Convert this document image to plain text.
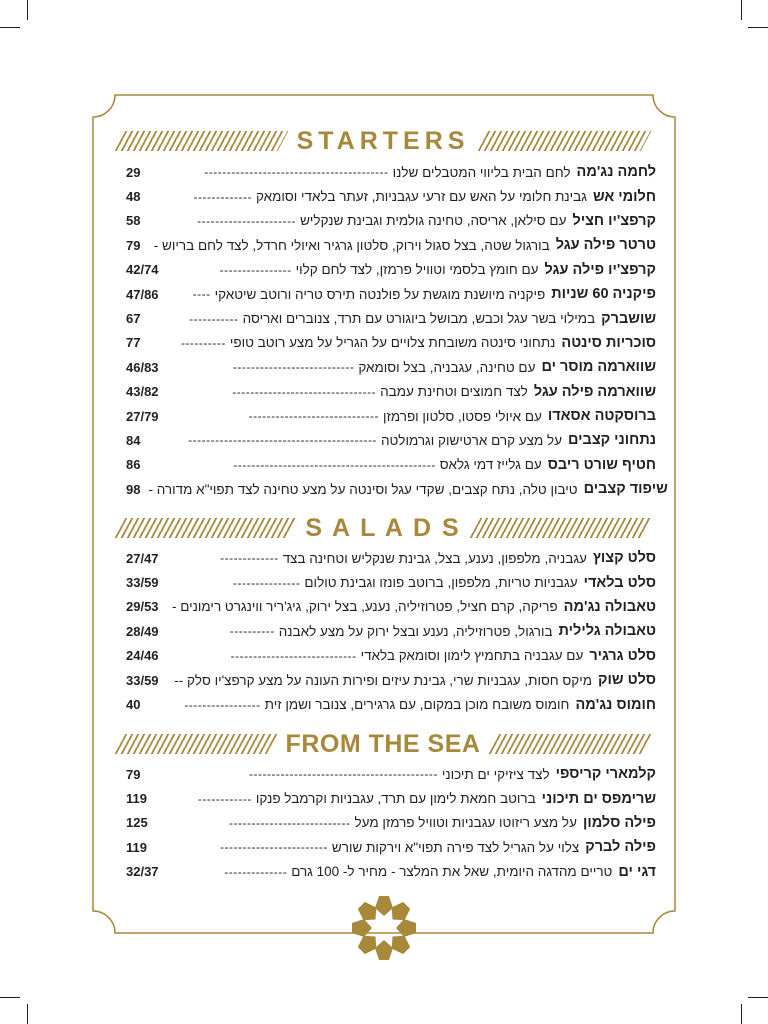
STARTERS
29	-----------------------------------------	לחמה נג'מה
לחם הבית בליווי המטבלים שלנו
48	-------------	חלומי אש
גבינת חלומי על האש עם זרעי עגבניות, זעתר בלאדי וסומאק
58	----------------------	קרפצ'יו חציל
עם סילאן, אריסה, טחינה גולמית וגבינת שנקליש
79	טרטר פילה עגל
בורגול שטה, בצל סגול וירוק, סלטון גרגיר ואיולי חרדל, לצד לחם בריוש -
42/74	----------------	קרפצ'יו פילה עגל
עם חומץ בלסמי וטוויל פרמזן, לצד לחם קלוי
47/86	----	פיקניה 60 שניות
פיקניה מיושנת מוגשת על פולנטה תירס טריה ורוטב שיטאקי
67	-----------	שושברק
במילוי בשר עגל וכבש, מבושל ביוגורט עם תרד, צנוברים ואריסה
77	----------	סוכריות סינטה
נתחוני סינטה משובחת צלויים על הגריל על מצע רוטב טופי
46/83	---------------------------	שווארמה מוסר ים
עם טחינה, עגבניה, בצל וסומאק
43/82	--------------------------------	שווארמה פילה עגל
לצד חמוצים וטחינת עמבה
27/79	-----------------------------	ברוסקטה אסאדו
עם איולי פסטו, סלטון ופרמזן
84	------------------------------------------	נתחוני קצבים
על מצע קרם ארטישוק וגרמולטה
86	---------------------------------------------	חטיף שורט ריבס
עם גלייז דמי גלאס
98	שיפוד קצבים
טיבון טלה, נתח קצבים, שקדי עגל וסינטה על מצע טחינה לצד תפוי"א מדורה -
S A L A D S
27/47	-------------	סלט קצוץ
עגבניה, מלפפון, נענע, בצל, גבינת שנקליש וטחינה בצד
33/59	---------------	סלט בלאדי
עגבניות טריות, מלפפון, ברוטב פונזו וגבינת טולום
29/53	טאבולה נג'מה
פריקה, קרם חציל, פטרוזיליה, נענע, בצל ירוק, גיג'ריר ווינגרט רימונים -
28/49	----------	טאבולה גלילית
בורגול, פטרוזיליה, נענע ובצל ירוק על מצע לאבנה
24/46	----------------------------	סלט גרגיר
עם עגבניה בתחמיץ לימון וסומאק בלאדי
33/59	סלט שוק
מיקס חסות, עגבניות שרי, גבינת עיזים ופירות העונה על מצע קרפצ'יו סלק --
40	-----------------	חומוס נג'מה
חומוס משובח מוכן במקום, עם גרגירים, צנובר ושמן זית
FROM THE SEA
79	------------------------------------------	קלמארי קריספי
לצד ציזיקי ים תיכוני
119	------------	שרימפס ים תיכוני
ברוטב חמאת לימון עם תרד, עגבניות וקרמבל פנקו
125	---------------------------	פילה סלמון
על מצע ריזוטו עגבניות וטוויל פרמזן מעל
119	------------------------	פילה לברק
צלוי על הגריל לצד פירה תפוי"א וירקות שורש
32/37	--------------	דגי ים
טריים מהדגה היומית, שאל את המלצר - מחיר ל- 100 גרם
